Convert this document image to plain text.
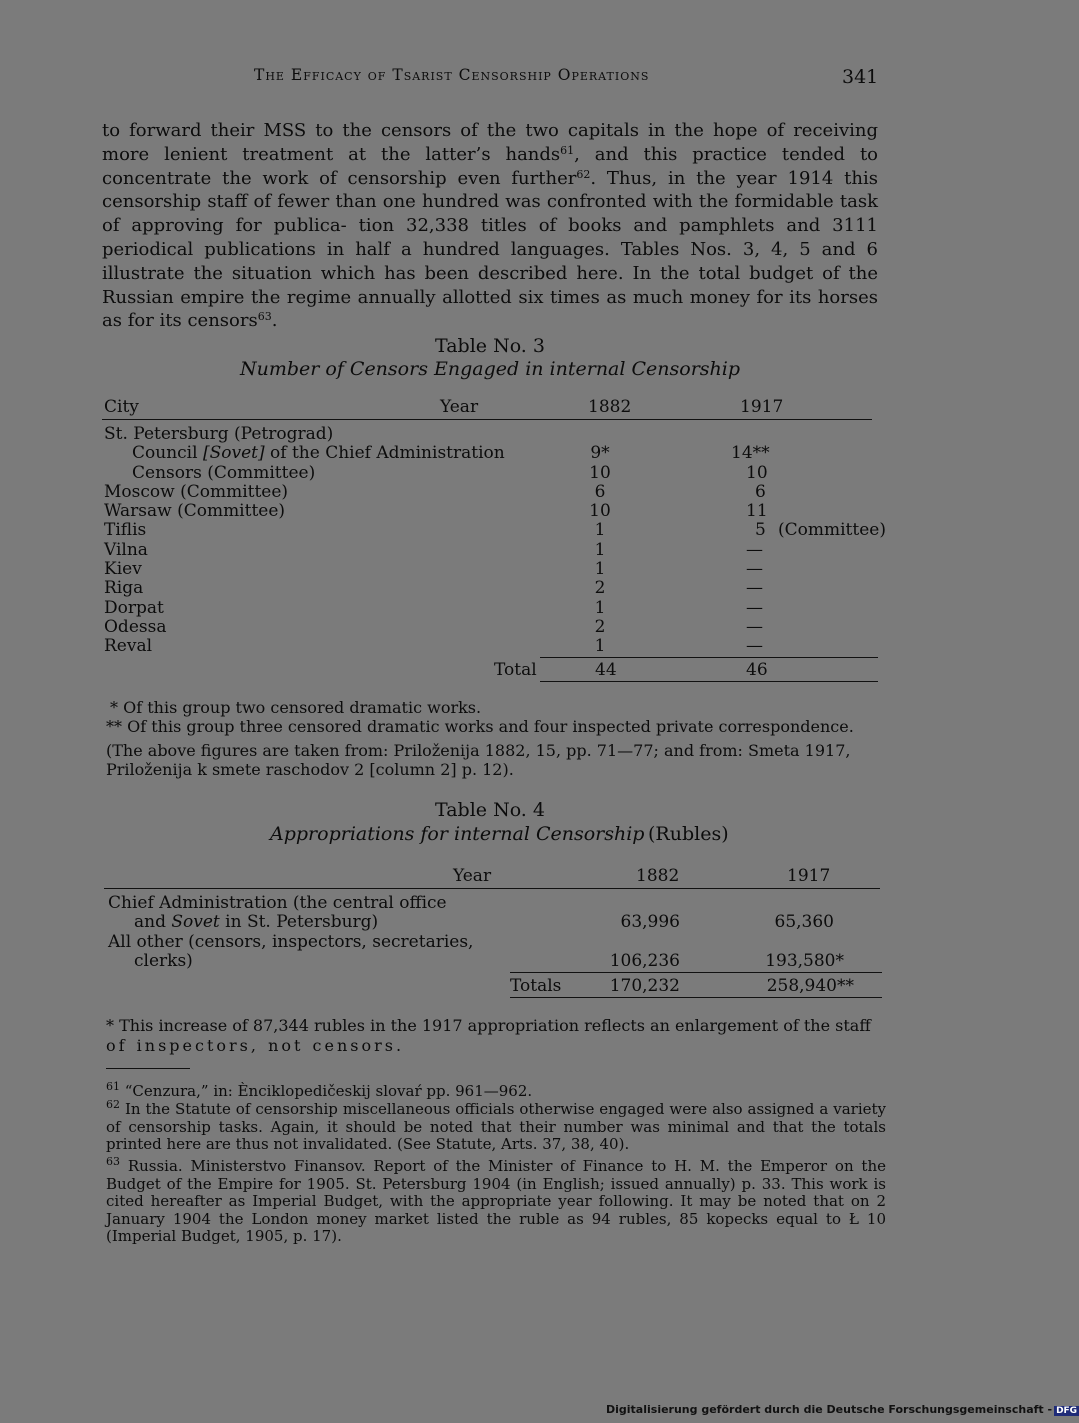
The Efficacy of Tsarist Censorship Operations	341

to forward their MSS to the censors of the two capitals in the hope of receiving more lenient treatment at the latter’s hands$^{61}$, and this practice tended to concentrate the work of censorship even further$^{62}$. Thus, in the year 1914 this censorship staff of fewer than one hundred was confronted with the formidable task of approving for publica- tion 32,338 titles of books and pamphlets and 3111 periodical publications in half a hundred languages. Tables Nos. 3, 4, 5 and 6 illustrate the situation which has been described here. In the total budget of the Russian empire the regime annually allotted six times as much money for its horses as for its censors$^{63}$.

Table No. 3
Number of Censors Engaged in internal Censorship
City	Year	1882	1917
St. Petersburg (Petrograd)
Council [Sovet] of the Chief Administration	9*	14**
Censors (Committee)	10	10
Moscow (Committee)	6	6
Warsaw (Committee)	10	11
Tiflis	1	5 (Committee)
Vilna	1	—
Kiev	1	—
Riga	2	—
Dorpat	1	—
Odessa	2	—
Reval	1	—
Total	44	46
* Of this group two censored dramatic works.
** Of this group three censored dramatic works and four inspected private correspondence.
(The above figures are taken from: Priloženija 1882, 15, pp. 71—77; and from: Smeta 1917,
Priloženija k smete raschodov 2 [column 2] p. 12).
Table No. 4
Appropriations for internal Censorship (Rubles)
Year	1882	1917
Chief Administration (the central office
and Sovet in St. Petersburg)	63,996	65,360
All other (censors, inspectors, secretaries,
clerks)	106,236	193,580*
Totals	170,232	258,940**
* This increase of 87,344 rubles in the 1917 appropriation reflects an enlargement of the staff
of inspectors, not censors.
$^{61}$ “Cenzura,” in: Ènciklopedičeskij slovaŕ pp. 961—962.
$^{62}$ In the Statute of censorship miscellaneous officials otherwise engaged were also assigned a variety of censorship tasks. Again, it should be noted that their number was minimal and that the totals printed here are thus not invalidated. (See Statute, Arts. 37, 38, 40).
$^{63}$ Russia. Ministerstvo Finansov. Report of the Minister of Finance to H. M. the Emperor on the Budget of the Empire for 1905. St. Petersburg 1904 (in English; issued annually) p. 33. This work is cited hereafter as Imperial Budget, with the appropriate year following. It may be noted that on 2 January 1904 the London money market listed the ruble as 94 rubles, 85 kopecks equal to Ł 10 (Imperial Budget, 1905, p. 17).
Digitalisierung gefördert durch die Deutsche Forschungsgemeinschaft - DFG
